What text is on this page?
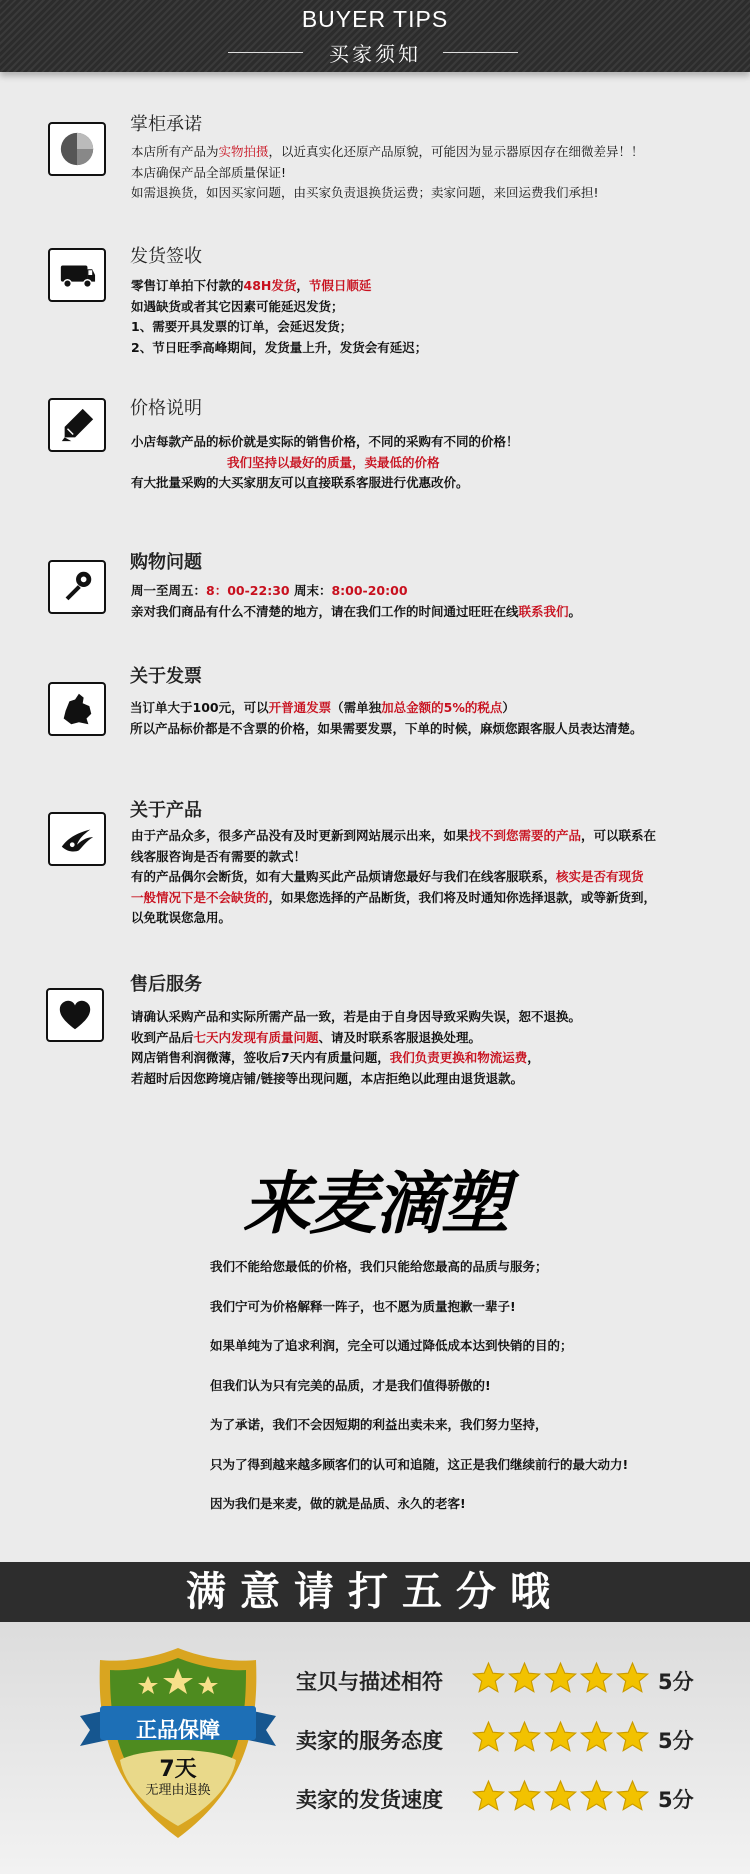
BUYER TIPS
买家须知
掌柜承诺
本店所有产品为实物拍摄，以近真实化还原产品原貌，可能因为显示器原因存在细微差异！！
本店确保产品全部质量保证!
如需退换货，如因买家问题，由买家负责退换货运费；卖家问题，来回运费我们承担!
发货签收
零售订单拍下付款的48H发货，节假日顺延
如遇缺货或者其它因素可能延迟发货；
1、需要开具发票的订单，会延迟发货；
2、节日旺季高峰期间，发货量上升，发货会有延迟；
价格说明
小店每款产品的标价就是实际的销售价格，不同的采购有不同的价格！
我们坚持以最好的质量，卖最低的价格
有大批量采购的大买家朋友可以直接联系客服进行优惠改价。
购物问题
周一至周五：8：00-22:30 周末：8:00-20:00
亲对我们商品有什么不清楚的地方，请在我们工作的时间通过旺旺在线联系我们。
关于发票
当订单大于100元，可以开普通发票（需单独加总金额的5%的税点）
所以产品标价都是不含票的价格，如果需要发票，下单的时候，麻烦您跟客服人员表达清楚。
关于产品
由于产品众多，很多产品没有及时更新到网站展示出来，如果找不到您需要的产品，可以联系在
线客服咨询是否有需要的款式！
有的产品偶尔会断货，如有大量购买此产品烦请您最好与我们在线客服联系，核实是否有现货
一般情况下是不会缺货的，如果您选择的产品断货，我们将及时通知你选择退款，或等新货到，
以免耽误您急用。
售后服务
请确认采购产品和实际所需产品一致，若是由于自身因导致采购失误，恕不退换。
收到产品后七天内发现有质量问题、请及时联系客服退换处理。
网店销售利润微薄，签收后7天内有质量问题，我们负责更换和物流运费，
若超时后因您跨境店铺/链接等出现问题，本店拒绝以此理由退货退款。
来麦滴塑
我们不能给您最低的价格，我们只能给您最高的品质与服务；
我们宁可为价格解释一阵子，也不愿为质量抱歉一辈子!
如果单纯为了追求利润，完全可以通过降低成本达到快销的目的；
但我们认为只有完美的品质，才是我们值得骄傲的!
为了承诺，我们不会因短期的利益出卖未来，我们努力坚持，
只为了得到越来越多顾客们的认可和追随，这正是我们继续前行的最大动力!
因为我们是来麦，做的就是品质、永久的老客!
满意请打五分哦
正品保障
7天
无理由退换
宝贝与描述相符	5分
卖家的服务态度	5分
卖家的发货速度	5分
